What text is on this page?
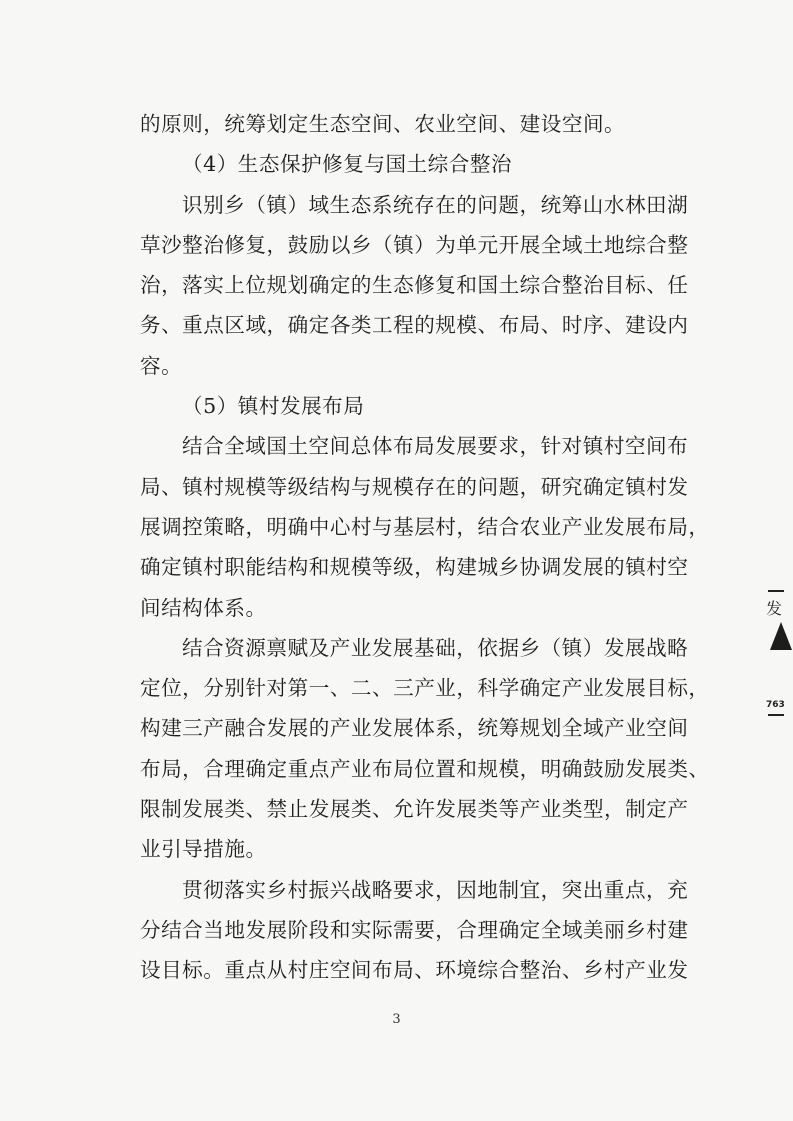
的原则，统筹划定生态空间、农业空间、建设空间。
（4）生态保护修复与国土综合整治
识别乡（镇）域生态系统存在的问题，统筹山水林田湖
草沙整治修复，鼓励以乡（镇）为单元开展全域土地综合整
治，落实上位规划确定的生态修复和国土综合整治目标、任
务、重点区域，确定各类工程的规模、布局、时序、建设内
容。
（5）镇村发展布局
结合全域国土空间总体布局发展要求，针对镇村空间布
局、镇村规模等级结构与规模存在的问题，研究确定镇村发
展调控策略，明确中心村与基层村，结合农业产业发展布局，
确定镇村职能结构和规模等级，构建城乡协调发展的镇村空
间结构体系。
结合资源禀赋及产业发展基础，依据乡（镇）发展战略
定位，分别针对第一、二、三产业，科学确定产业发展目标，
构建三产融合发展的产业发展体系，统筹规划全域产业空间
布局，合理确定重点产业布局位置和规模，明确鼓励发展类、
限制发展类、禁止发展类、允许发展类等产业类型，制定产
业引导措施。
贯彻落实乡村振兴战略要求，因地制宜，突出重点，充
分结合当地发展阶段和实际需要，合理确定全域美丽乡村建
设目标。重点从村庄空间布局、环境综合整治、乡村产业发
3
发
763
